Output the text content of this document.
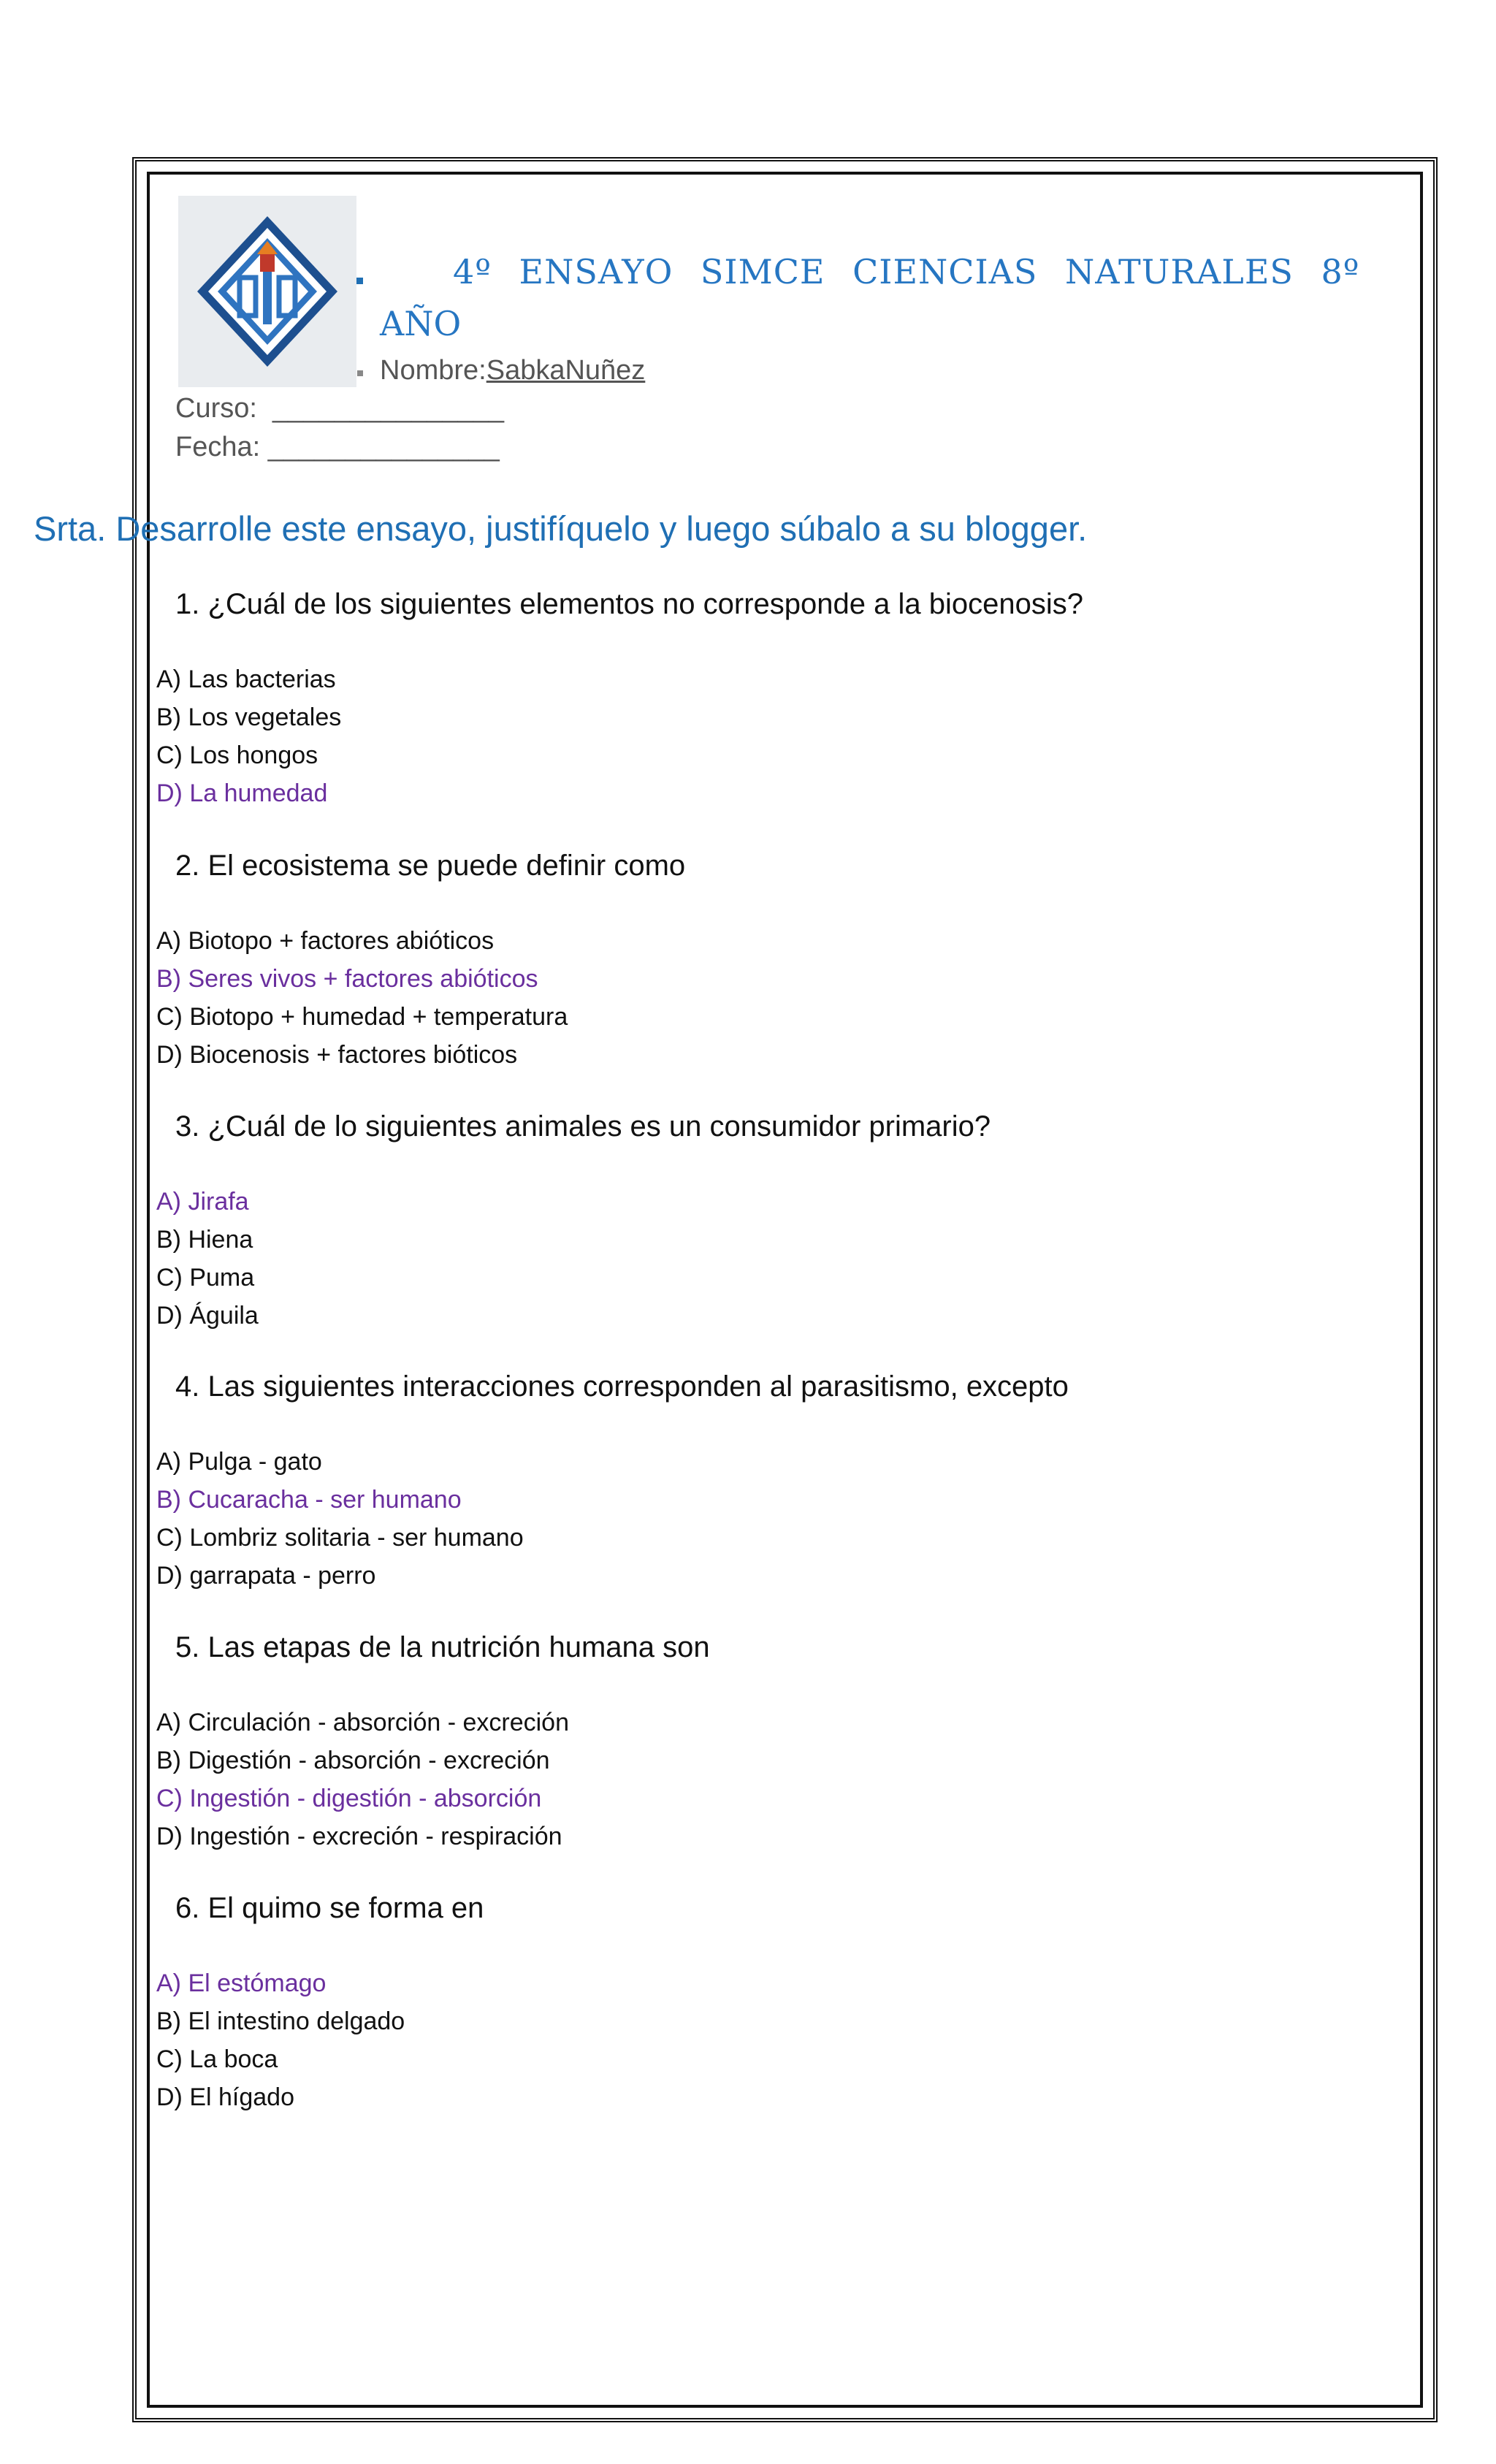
4º ENSAYO SIMCE CIENCIAS NATURALES 8º
AÑO
Nombre:SabkaNuñez
Curso:  _______________
Fecha: _______________
Srta. Desarrolle este ensayo, justifíquelo y luego súbalo a su blogger.
1. ¿Cuál de los siguientes elementos no corresponde a la biocenosis?
A) Las bacterias
B) Los vegetales
C) Los hongos
D) La humedad
2. El ecosistema se puede definir como
A) Biotopo + factores abióticos
B) Seres vivos + factores abióticos
C) Biotopo + humedad + temperatura
D) Biocenosis + factores bióticos
3. ¿Cuál de lo siguientes animales es un consumidor primario?
A) Jirafa
B) Hiena
C) Puma
D) Águila
4. Las siguientes interacciones corresponden al parasitismo, excepto
A) Pulga - gato
B) Cucaracha - ser humano
C) Lombriz solitaria - ser humano
D) garrapata - perro
5. Las etapas de la nutrición humana son
A) Circulación - absorción - excreción
B) Digestión - absorción - excreción
C) Ingestión - digestión - absorción
D) Ingestión - excreción - respiración
6. El quimo se forma en
A) El estómago
B) El intestino delgado
C) La boca
D) El hígado
